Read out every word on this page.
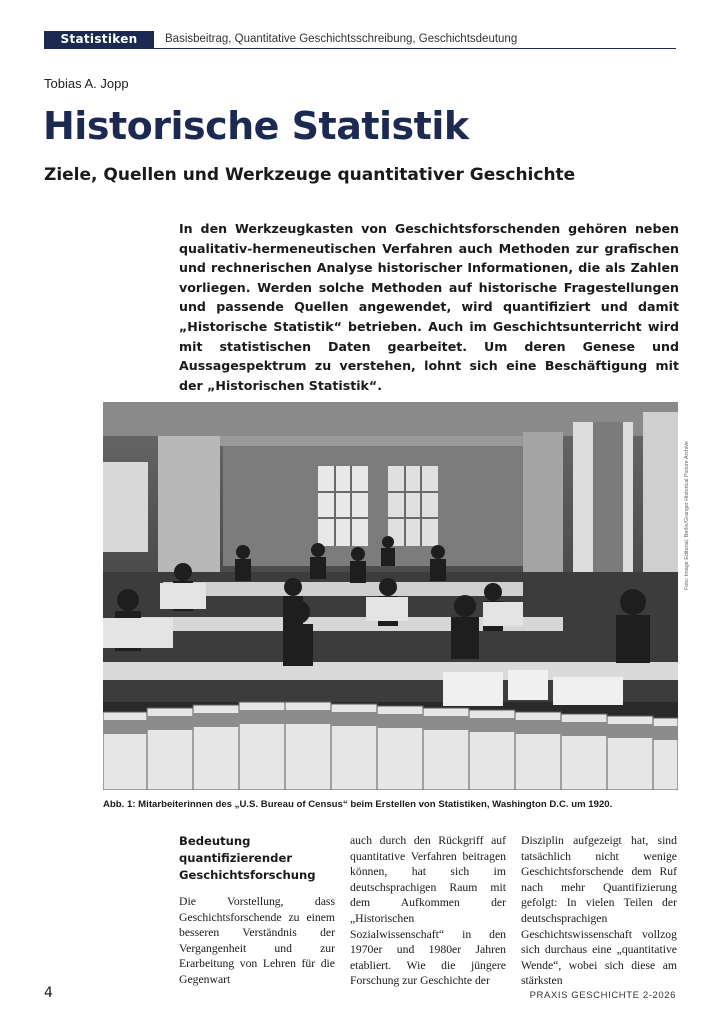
Statistiken	Basisbeitrag, Quantitative Geschichtsschreibung, Geschichtsdeutung
Tobias A. Jopp
Historische Statistik
Ziele, Quellen und Werkzeuge quantitativer Geschichte

In den Werkzeugkasten von Geschichtsforschenden gehören neben qualitativ-hermeneutischen Verfahren auch Methoden zur grafischen und rechnerischen Analyse historischer Informationen, die als Zahlen vorliegen. Werden solche Methoden auf historische Fragestellungen und passende Quellen angewendet, wird quantifiziert und damit „Historische Statistik“ betrieben. Auch im Geschichtsunterricht wird mit statistischen Daten gearbeitet. Um deren Genese und Aussagespektrum zu verstehen, lohnt sich eine Beschäftigung mit der „Historischen Statistik“.

Foto: Image Editorial, Berlin/Granger Historical Picture Archive
Abb. 1: Mitarbeiterinnen des „U.S. Bureau of Census“ beim Erstellen von Statistiken, Washington D.C. um 1920.
Bedeutung quantifizierender Geschichtsforschung

Die Vorstellung, dass Geschichtsforschende zu einem besseren Verständnis der Vergangenheit und zur Erarbeitung von Lehren für die Gegenwart

auch durch den Rückgriff auf quantitative Verfahren beitragen können, hat sich im deutschsprachigen Raum mit dem Aufkommen der „Historischen Sozialwissenschaft“ in den 1970er und 1980er Jahren etabliert. Wie die jüngere Forschung zur Geschichte der

Disziplin aufgezeigt hat, sind tatsächlich nicht wenige Geschichtsforschende dem Ruf nach mehr Quantifizierung gefolgt: In vielen Teilen der deutschsprachigen Geschichtswissenschaft vollzog sich durchaus eine „quantitative Wende“, wobei sich diese am stärksten

4	PRAXIS GESCHICHTE 2-2026
